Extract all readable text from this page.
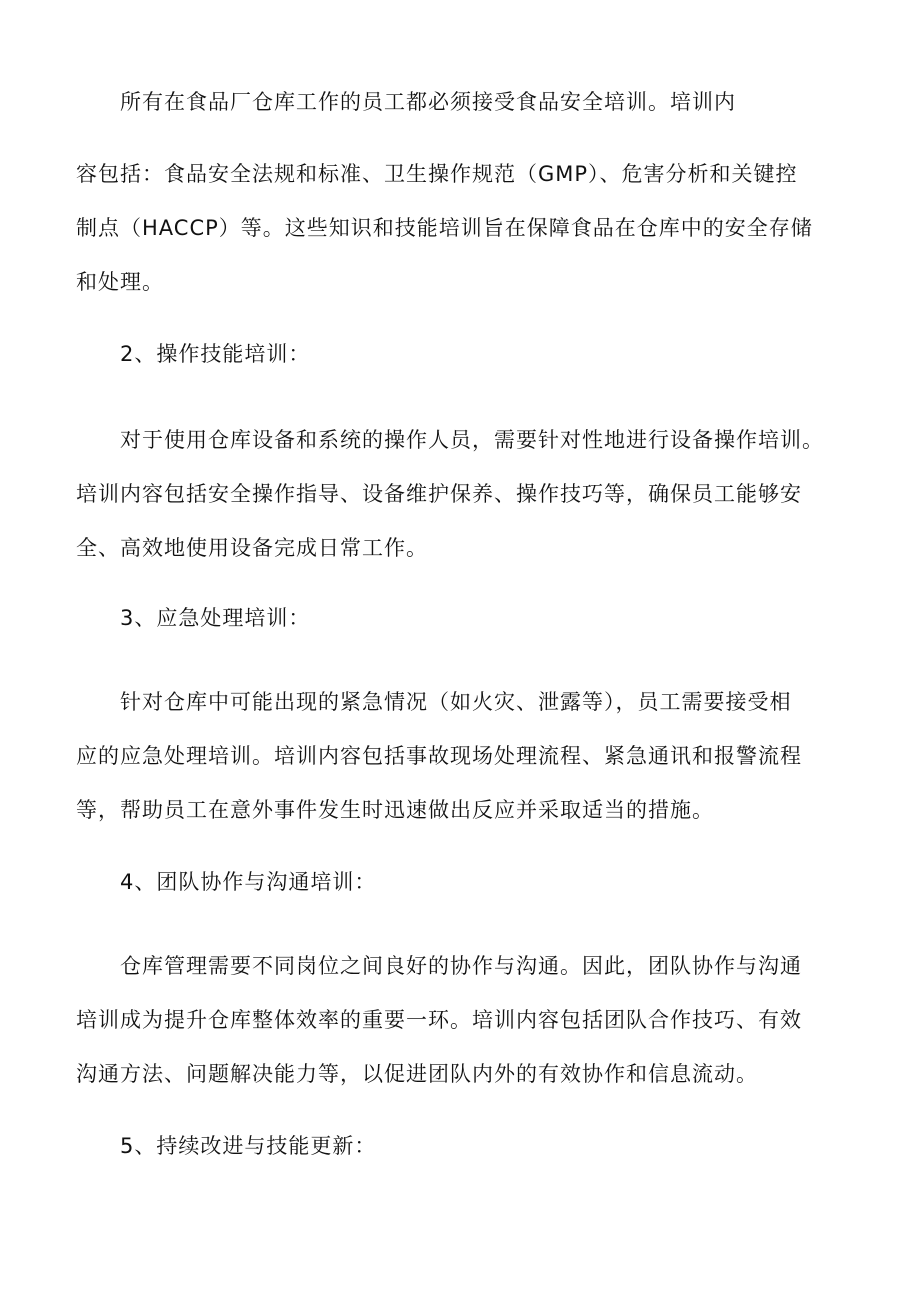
所有在食品厂仓库工作的员工都必须接受食品安全培训。培训内
容包括：食品安全法规和标准、卫生操作规范（GMP）、危害分析和关键控
制点（HACCP）等。这些知识和技能培训旨在保障食品在仓库中的安全存储
和处理。
2、操作技能培训：
对于使用仓库设备和系统的操作人员，需要针对性地进行设备操作培训。
培训内容包括安全操作指导、设备维护保养、操作技巧等，确保员工能够安
全、高效地使用设备完成日常工作。
3、应急处理培训：
针对仓库中可能出现的紧急情况（如火灾、泄露等），员工需要接受相
应的应急处理培训。培训内容包括事故现场处理流程、紧急通讯和报警流程
等，帮助员工在意外事件发生时迅速做出反应并采取适当的措施。
4、团队协作与沟通培训：
仓库管理需要不同岗位之间良好的协作与沟通。因此，团队协作与沟通
培训成为提升仓库整体效率的重要一环。培训内容包括团队合作技巧、有效
沟通方法、问题解决能力等，以促进团队内外的有效协作和信息流动。
5、持续改进与技能更新：
